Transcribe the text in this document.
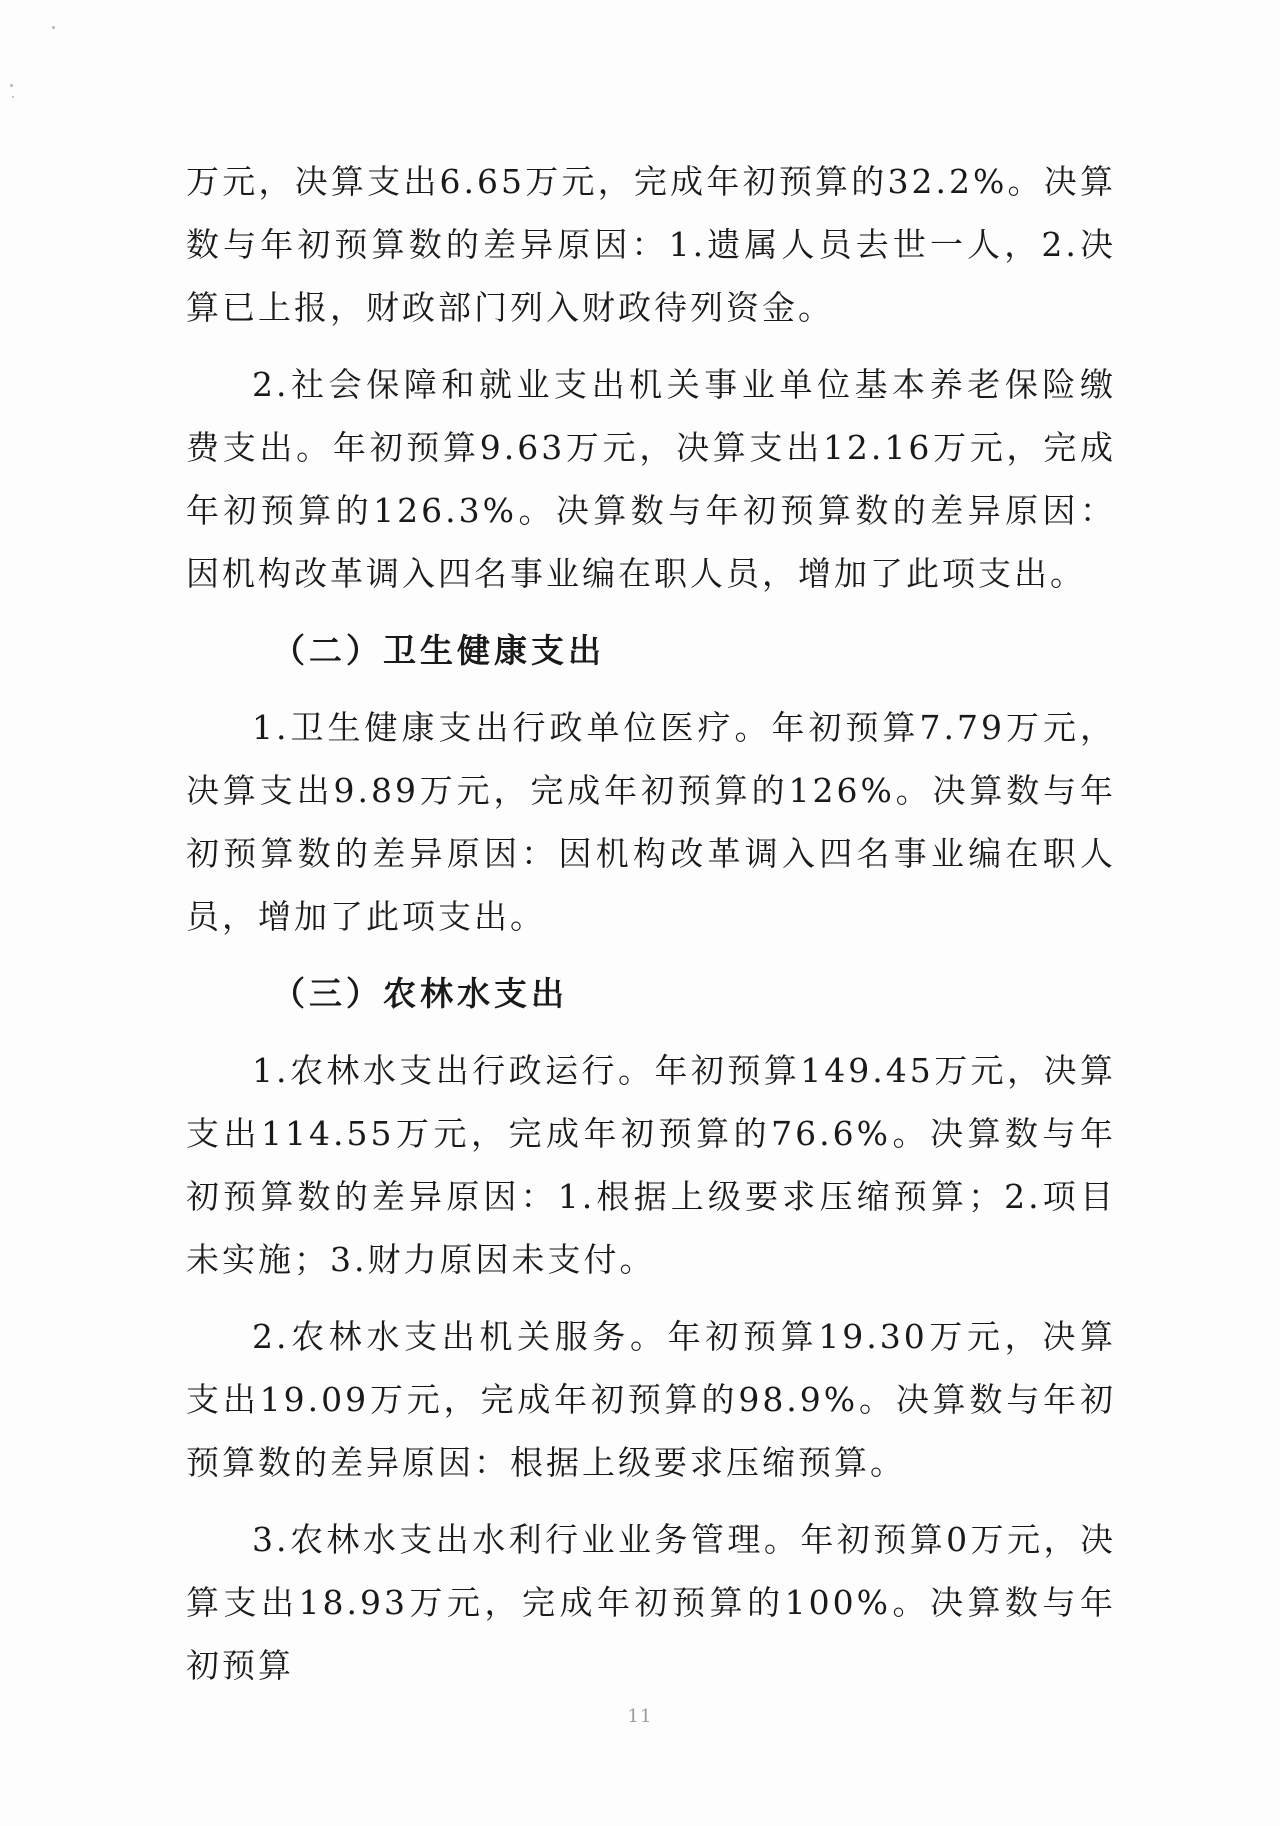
万元，决算支出6.65万元，完成年初预算的32.2%。决算数与年初预算数的差异原因：1.遗属人员去世一人，2.决算已上报，财政部门列入财政待列资金。

2.社会保障和就业支出机关事业单位基本养老保险缴费支出。年初预算9.63万元，决算支出12.16万元，完成年初预算的126.3%。决算数与年初预算数的差异原因：因机构改革调入四名事业编在职人员，增加了此项支出。

（二）卫生健康支出

1.卫生健康支出行政单位医疗。年初预算7.79万元，决算支出9.89万元，完成年初预算的126%。决算数与年初预算数的差异原因：因机构改革调入四名事业编在职人员，增加了此项支出。

（三）农林水支出

1.农林水支出行政运行。年初预算149.45万元，决算支出114.55万元，完成年初预算的76.6%。决算数与年初预算数的差异原因：1.根据上级要求压缩预算；2.项目未实施；3.财力原因未支付。

2.农林水支出机关服务。年初预算19.30万元，决算支出19.09万元，完成年初预算的98.9%。决算数与年初预算数的差异原因：根据上级要求压缩预算。

3.农林水支出水利行业业务管理。年初预算0万元，决算支出18.93万元，完成年初预算的100%。决算数与年初预算

11
